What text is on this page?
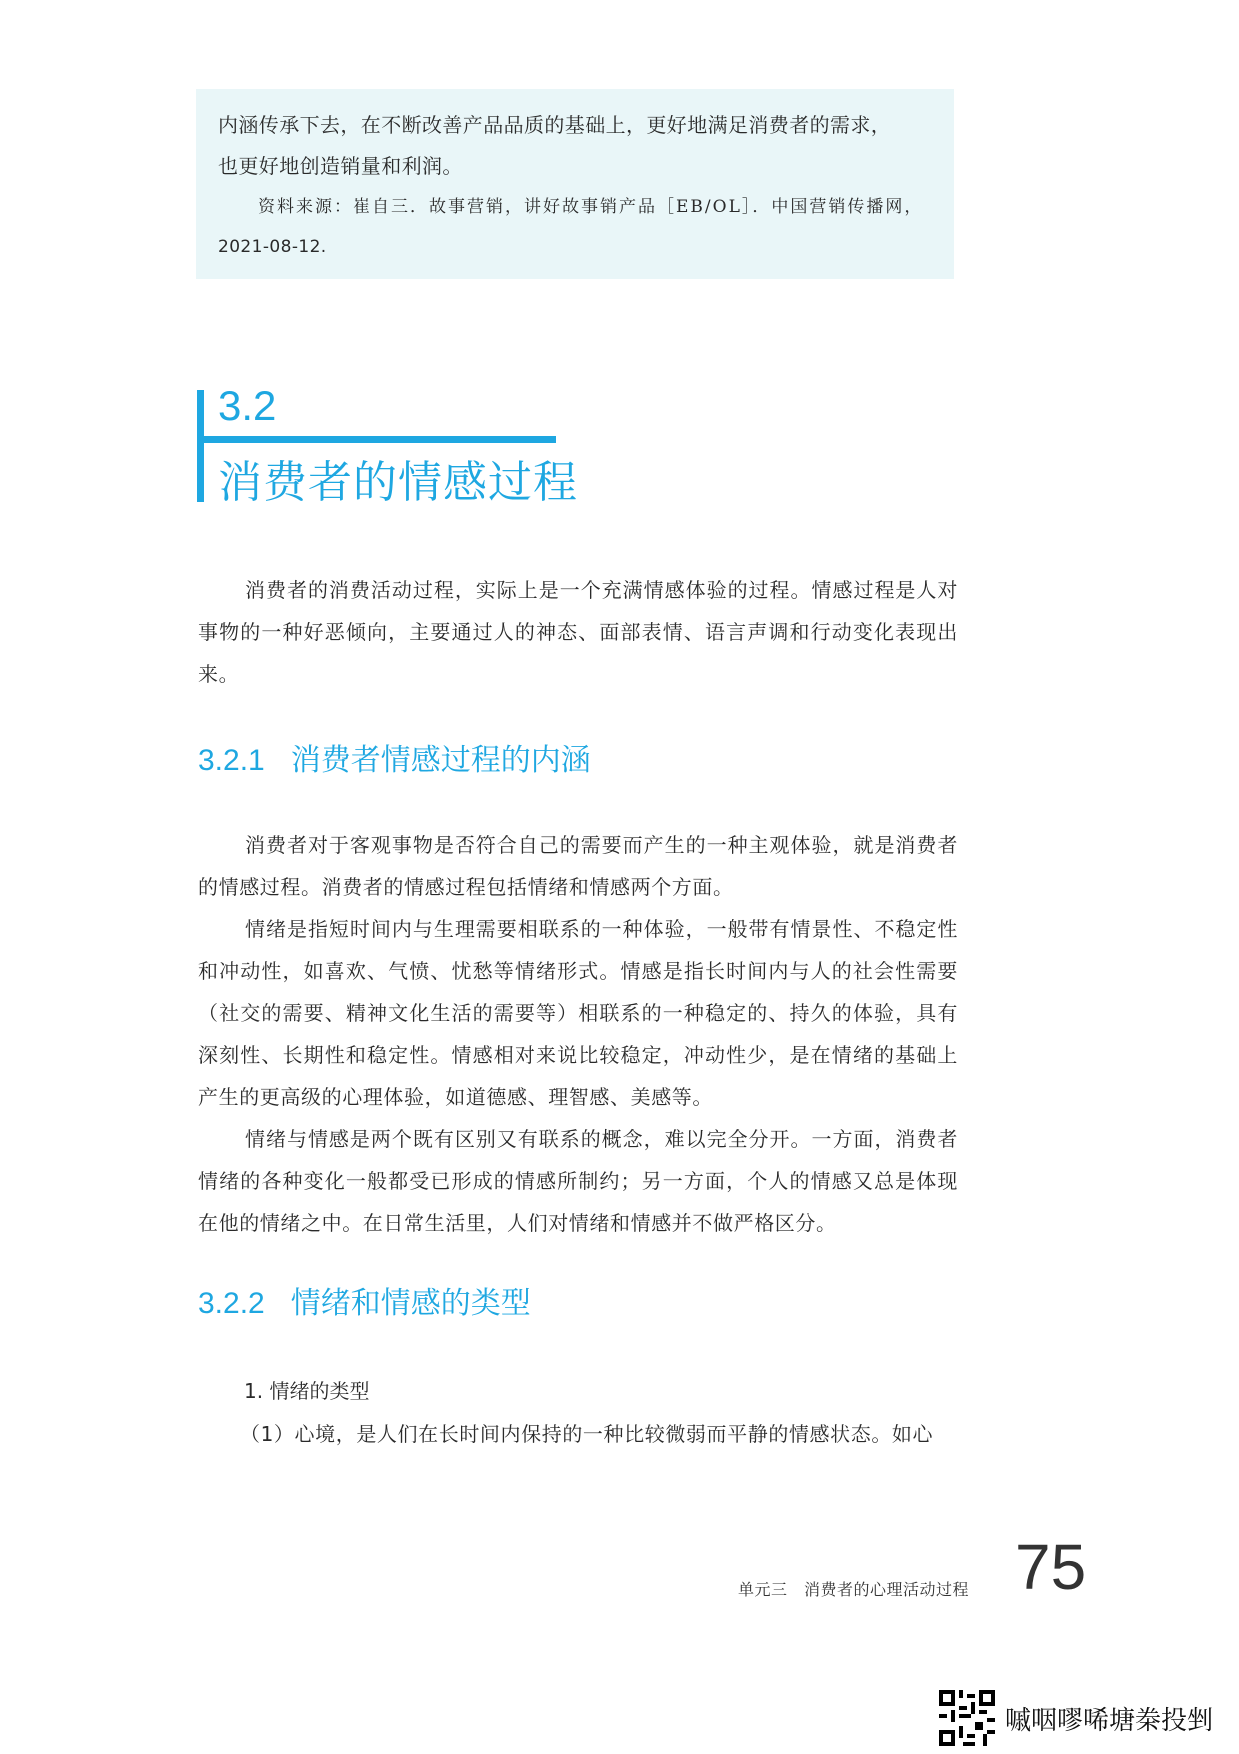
内涵传承下去，在不断改善产品品质的基础上，更好地满足消费者的需求，

也更好地创造销量和利润。

资料来源：崔自三．故事营销，讲好故事销产品［EB/OL］．中国营销传播网，

2021-08-12.

3.2
消费者的情感过程

消费者的消费活动过程，实际上是一个充满情感体验的过程。情感过程是人对事物的一种好恶倾向，主要通过人的神态、面部表情、语言声调和行动变化表现出来。

3.2.1 消费者情感过程的内涵

消费者对于客观事物是否符合自己的需要而产生的一种主观体验，就是消费者的情感过程。消费者的情感过程包括情绪和情感两个方面。

情绪是指短时间内与生理需要相联系的一种体验，一般带有情景性、不稳定性和冲动性，如喜欢、气愤、忧愁等情绪形式。情感是指长时间内与人的社会性需要（社交的需要、精神文化生活的需要等）相联系的一种稳定的、持久的体验，具有深刻性、长期性和稳定性。情感相对来说比较稳定，冲动性少，是在情绪的基础上产生的更高级的心理体验，如道德感、理智感、美感等。

情绪与情感是两个既有区别又有联系的概念，难以完全分开。一方面，消费者情绪的各种变化一般都受已形成的情感所制约；另一方面，个人的情感又总是体现在他的情绪之中。在日常生活里，人们对情绪和情感并不做严格区分。

3.2.2 情绪和情感的类型

1. 情绪的类型

（1）心境，是人们在长时间内保持的一种比较微弱而平静的情感状态。如心

单元三　消费者的心理活动过程 75
嘁咽嘐唏塘桊投剉
